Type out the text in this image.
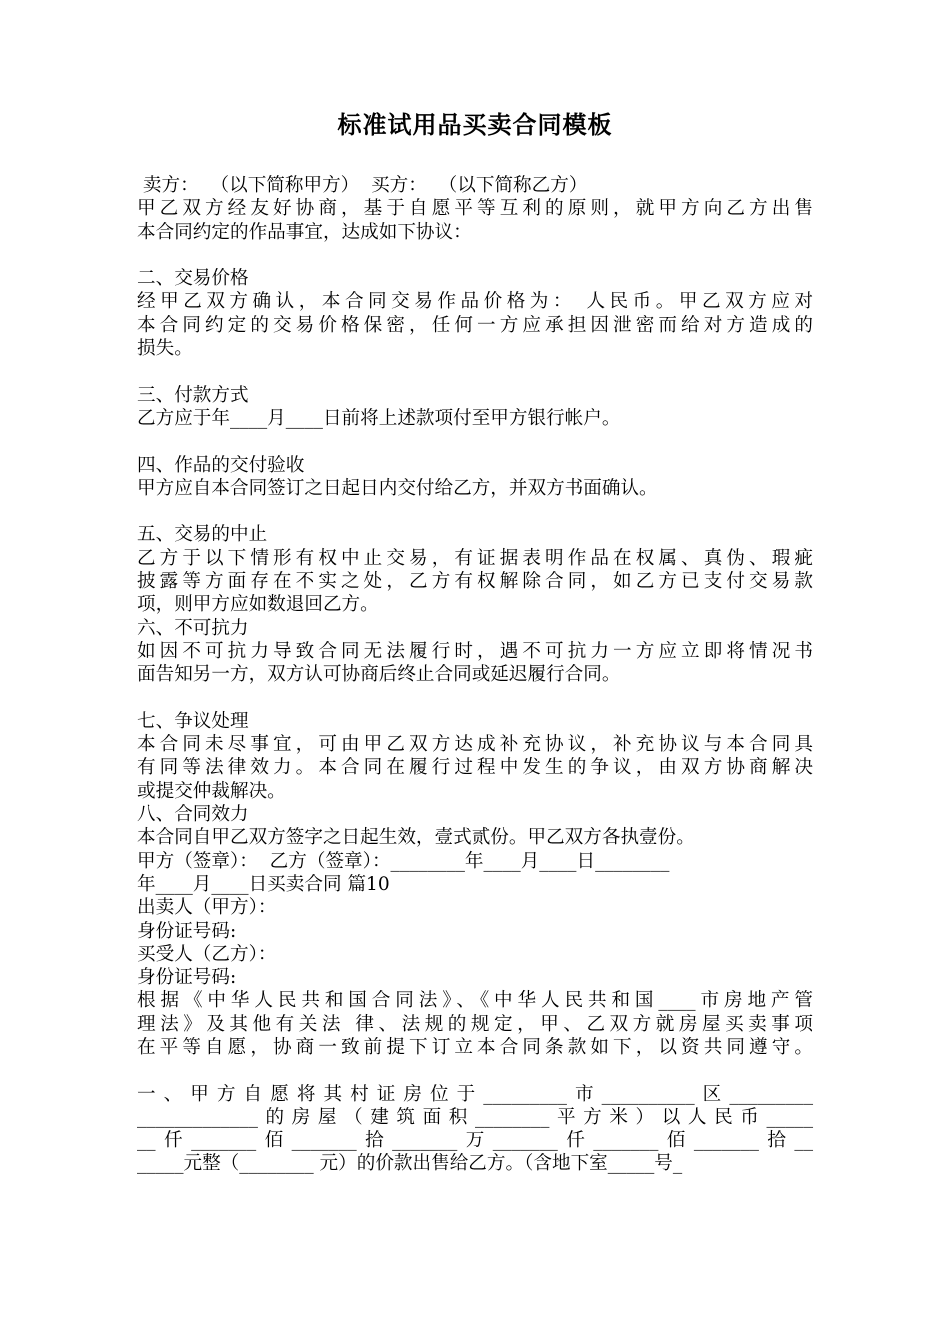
标准试用品买卖合同模板
卖方：  （以下简称甲方）  买方：  （以下简称乙方）
甲乙双方经友好协商，基于自愿平等互利的原则，就甲方向乙方出售
本合同约定的作品事宜，达成如下协议：
二、交易价格
经甲乙双方确认，本合同交易作品价格为： 人民币。甲乙双方应对
本合同约定的交易价格保密，任何一方应承担因泄密而给对方造成的
损失。
三、付款方式
乙方应于年____月____日前将上述款项付至甲方银行帐户。
四、作品的交付验收
甲方应自本合同签订之日起日内交付给乙方，并双方书面确认。
五、交易的中止
乙方于以下情形有权中止交易，有证据表明作品在权属、真伪、瑕疵
披露等方面存在不实之处，乙方有权解除合同，如乙方已支付交易款
项，则甲方应如数退回乙方。
六、不可抗力
如因不可抗力导致合同无法履行时，遇不可抗力一方应立即将情况书
面告知另一方，双方认可协商后终止合同或延迟履行合同。
七、争议处理
本合同未尽事宜，可由甲乙双方达成补充协议，补充协议与本合同具
有同等法律效力。本合同在履行过程中发生的争议，由双方协商解决
或提交仲裁解决。
八、合同效力
本合同自甲乙双方签字之日起生效，壹式贰份。甲乙双方各执壹份。
甲方（签章）：  乙方（签章）：________年____月____日________
年____月____日买卖合同 篇10
出卖人（甲方）：
身份证号码:
买受人（乙方）：
身份证号码:
根据《中华人民共和国合同法》、《中华人民共和国____市房地产管
理法》及其他有关法 律、法规的规定，甲、乙双方就房屋买卖事项
在平等自愿，协商一致前提下订立本合同条款如下，以资共同遵守。
一、甲方自愿将其村证房位于_________市__________区_________
_____________的房屋（建筑面积________平方米）以人民币_____
__仟_______佰_______拾_______万_______仟_______佰_______拾__
_____元整（________ 元）的价款出售给乙方。（含地下室_____号_
